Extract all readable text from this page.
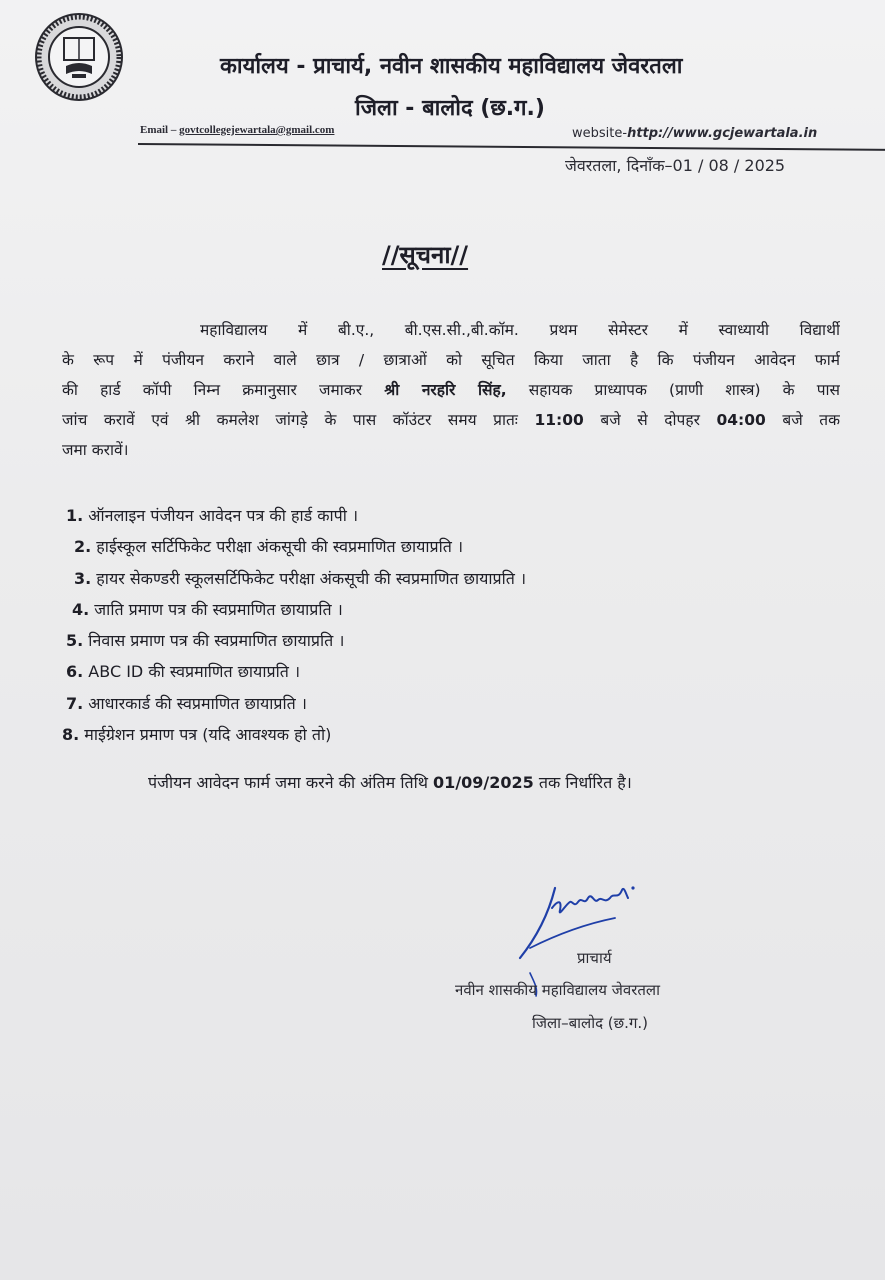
कार्यालय - प्राचार्य, नवीन शासकीय महाविद्यालय जेवरतला
जिला - बालोद (छ.ग.)
Email – govtcollegejewartala@gmail.com	website-http://www.gcjewartala.in
जेवरतला, दिनाँक–01 / 08 / 2025
//सूचना//
महाविद्यालय में बी.ए., बी.एस.सी.,बी.कॉम. प्रथम सेमेस्टर में स्वाध्यायी विद्यार्थी
के रूप में पंजीयन कराने वाले छात्र / छात्राओं को सूचित किया जाता है कि पंजीयन आवेदन फार्म
की हार्ड कॉपी निम्न क्रमानुसार जमाकर श्री नरहरि सिंह, सहायक प्राध्यापक (प्राणी शास्त्र) के पास
जांच करावें एवं श्री कमलेश जांगड़े के पास कॉउंटर समय प्रातः 11:00 बजे से दोपहर 04:00 बजे तक
जमा करावें।
1. ऑनलाइन पंजीयन आवेदन पत्र की हार्ड कापी ।
2. हाईस्कूल सर्टिफिकेट परीक्षा अंकसूची की स्वप्रमाणित छायाप्रति ।
3. हायर सेकण्डरी स्कूलसर्टिफिकेट परीक्षा अंकसूची की स्वप्रमाणित छायाप्रति ।
4. जाति प्रमाण पत्र की स्वप्रमाणित छायाप्रति ।
5. निवास प्रमाण पत्र की स्वप्रमाणित छायाप्रति ।
6. ABC ID की स्वप्रमाणित छायाप्रति ।
7. आधारकार्ड की स्वप्रमाणित छायाप्रति ।
8. माईग्रेशन प्रमाण पत्र (यदि आवश्यक हो तो)
पंजीयन आवेदन फार्म जमा करने की अंतिम तिथि 01/09/2025 तक निर्धारित है।
प्राचार्य
नवीन शासकीय महाविद्यालय जेवरतला
जिला–बालोद (छ.ग.)
